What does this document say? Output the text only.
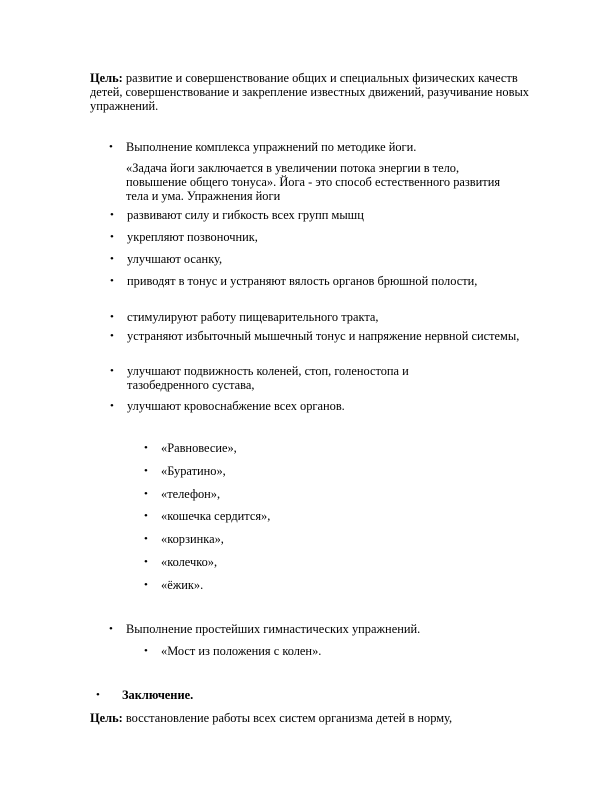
Цель: развитие и совершенствование общих и специальных физических качеств детей, совершенствование и закрепление известных движений, разучивание новых упражнений.

• Выполнение комплекса упражнений по методике йоги.

«Задача йоги заключается в увеличении потока энергии в тело, повышение общего тонуса». Йога - это способ естественного развития тела и ума. Упражнения йоги

• развивают силу и гибкость всех групп мышц

• укрепляют позвоночник,

• улучшают осанку,

• приводят в тонус и устраняют вялость органов брюшной полости,

• стимулируют работу пищеварительного тракта,

• устраняют избыточный мышечный тонус и напряжение нервной системы,

• улучшают подвижность коленей, стоп, голеностопа и тазобедренного сустава,

• улучшают кровоснабжение всех органов.

• «Равновесие»,

• «Буратино»,

• «телефон»,

• «кошечка сердится»,

• «корзинка»,

• «колечко»,

• «ёжик».

• Выполнение простейших гимнастических упражнений.

• «Мост из положения с колен».

• Заключение.

Цель: восстановление работы всех систем организма детей в норму,
